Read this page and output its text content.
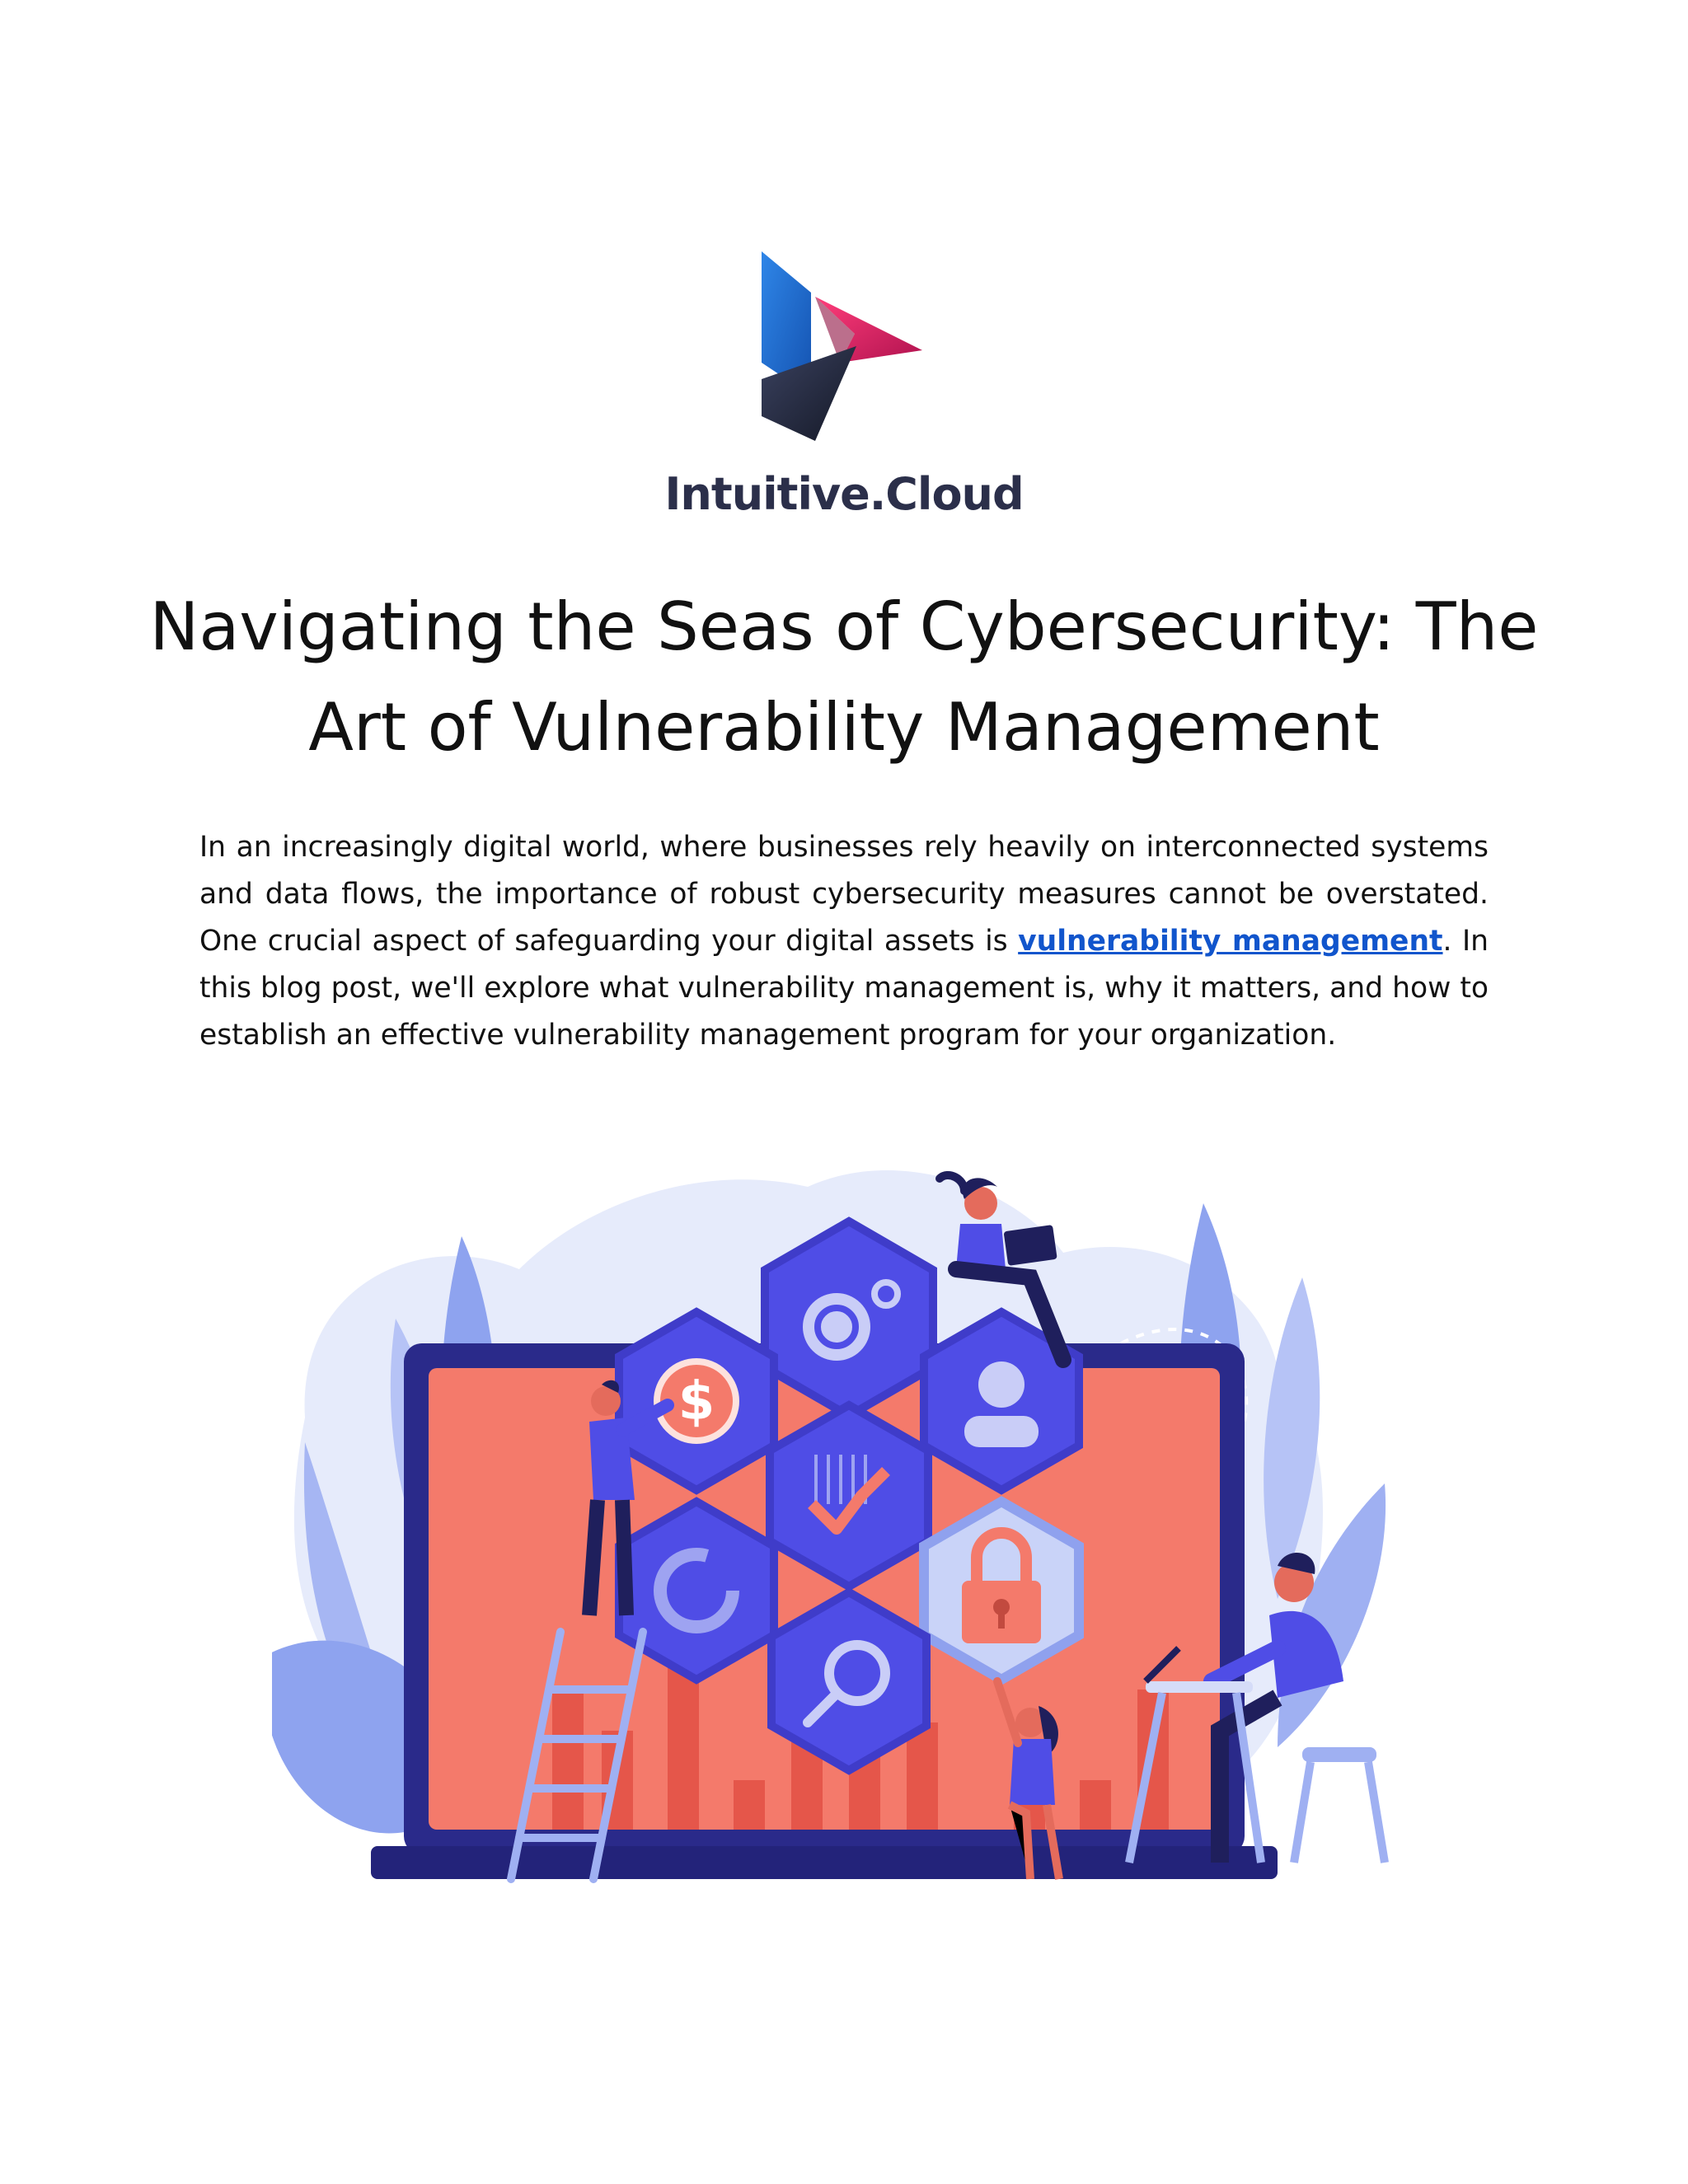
Intuitive.Cloud
Navigating the Seas of Cybersecurity: The
Art of Vulnerability Management

In an increasingly digital world, where businesses rely heavily on interconnected systems and data flows, the importance of robust cybersecurity measures cannot be overstated. One crucial aspect of safeguarding your digital assets is vulnerability management. In this blog post, we'll explore what vulnerability management is, why it matters, and how to establish an effective vulnerability management program for your organization.

$
